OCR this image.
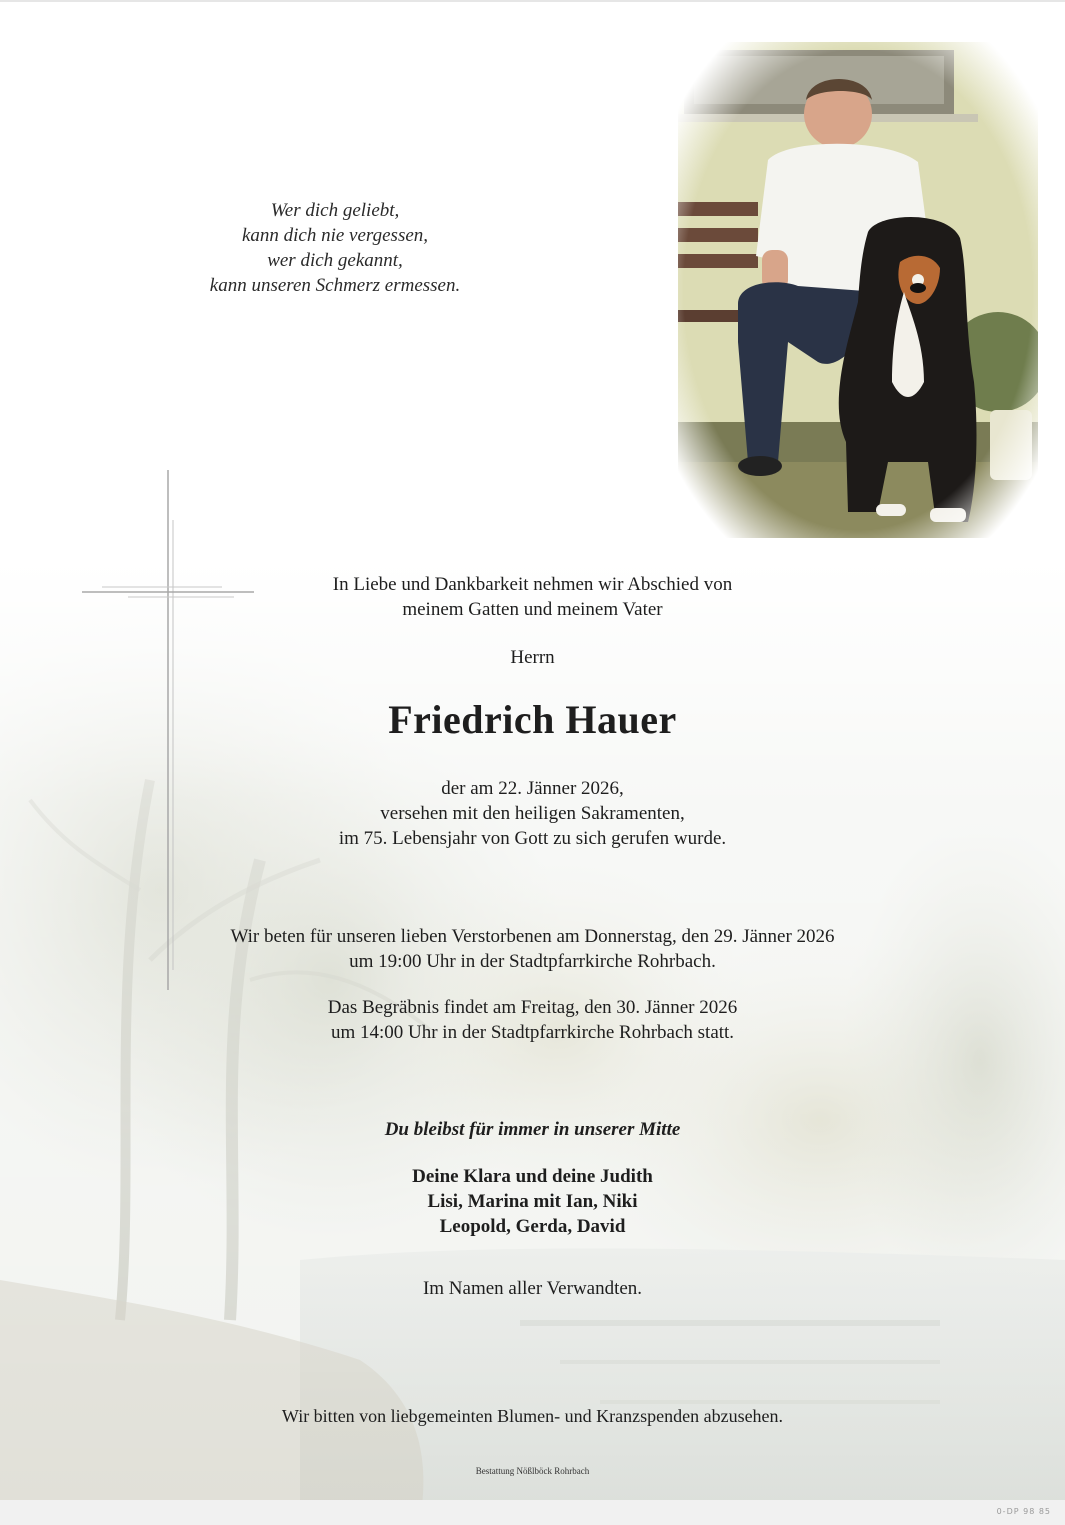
Wer dich geliebt,
kann dich nie vergessen,
wer dich gekannt,
kann unseren Schmerz ermessen.
In Liebe und Dankbarkeit nehmen wir Abschied von
meinem Gatten und meinem Vater
Herrn
Friedrich Hauer
der am 22. Jänner 2026,
versehen mit den heiligen Sakramenten,
im 75. Lebensjahr von Gott zu sich gerufen wurde.
Wir beten für unseren lieben Verstorbenen am Donnerstag, den 29. Jänner 2026
um 19:00 Uhr in der Stadtpfarrkirche Rohrbach.
Das Begräbnis findet am Freitag, den 30. Jänner 2026
um 14:00 Uhr in der Stadtpfarrkirche Rohrbach statt.
Du bleibst für immer in unserer Mitte
Deine Klara und deine Judith
Lisi, Marina mit Ian, Niki
Leopold, Gerda, David
Im Namen aller Verwandten.
Wir bitten von liebgemeinten Blumen- und Kranzspenden abzusehen.
Bestattung Nößlböck Rohrbach
0-DP 98 85
